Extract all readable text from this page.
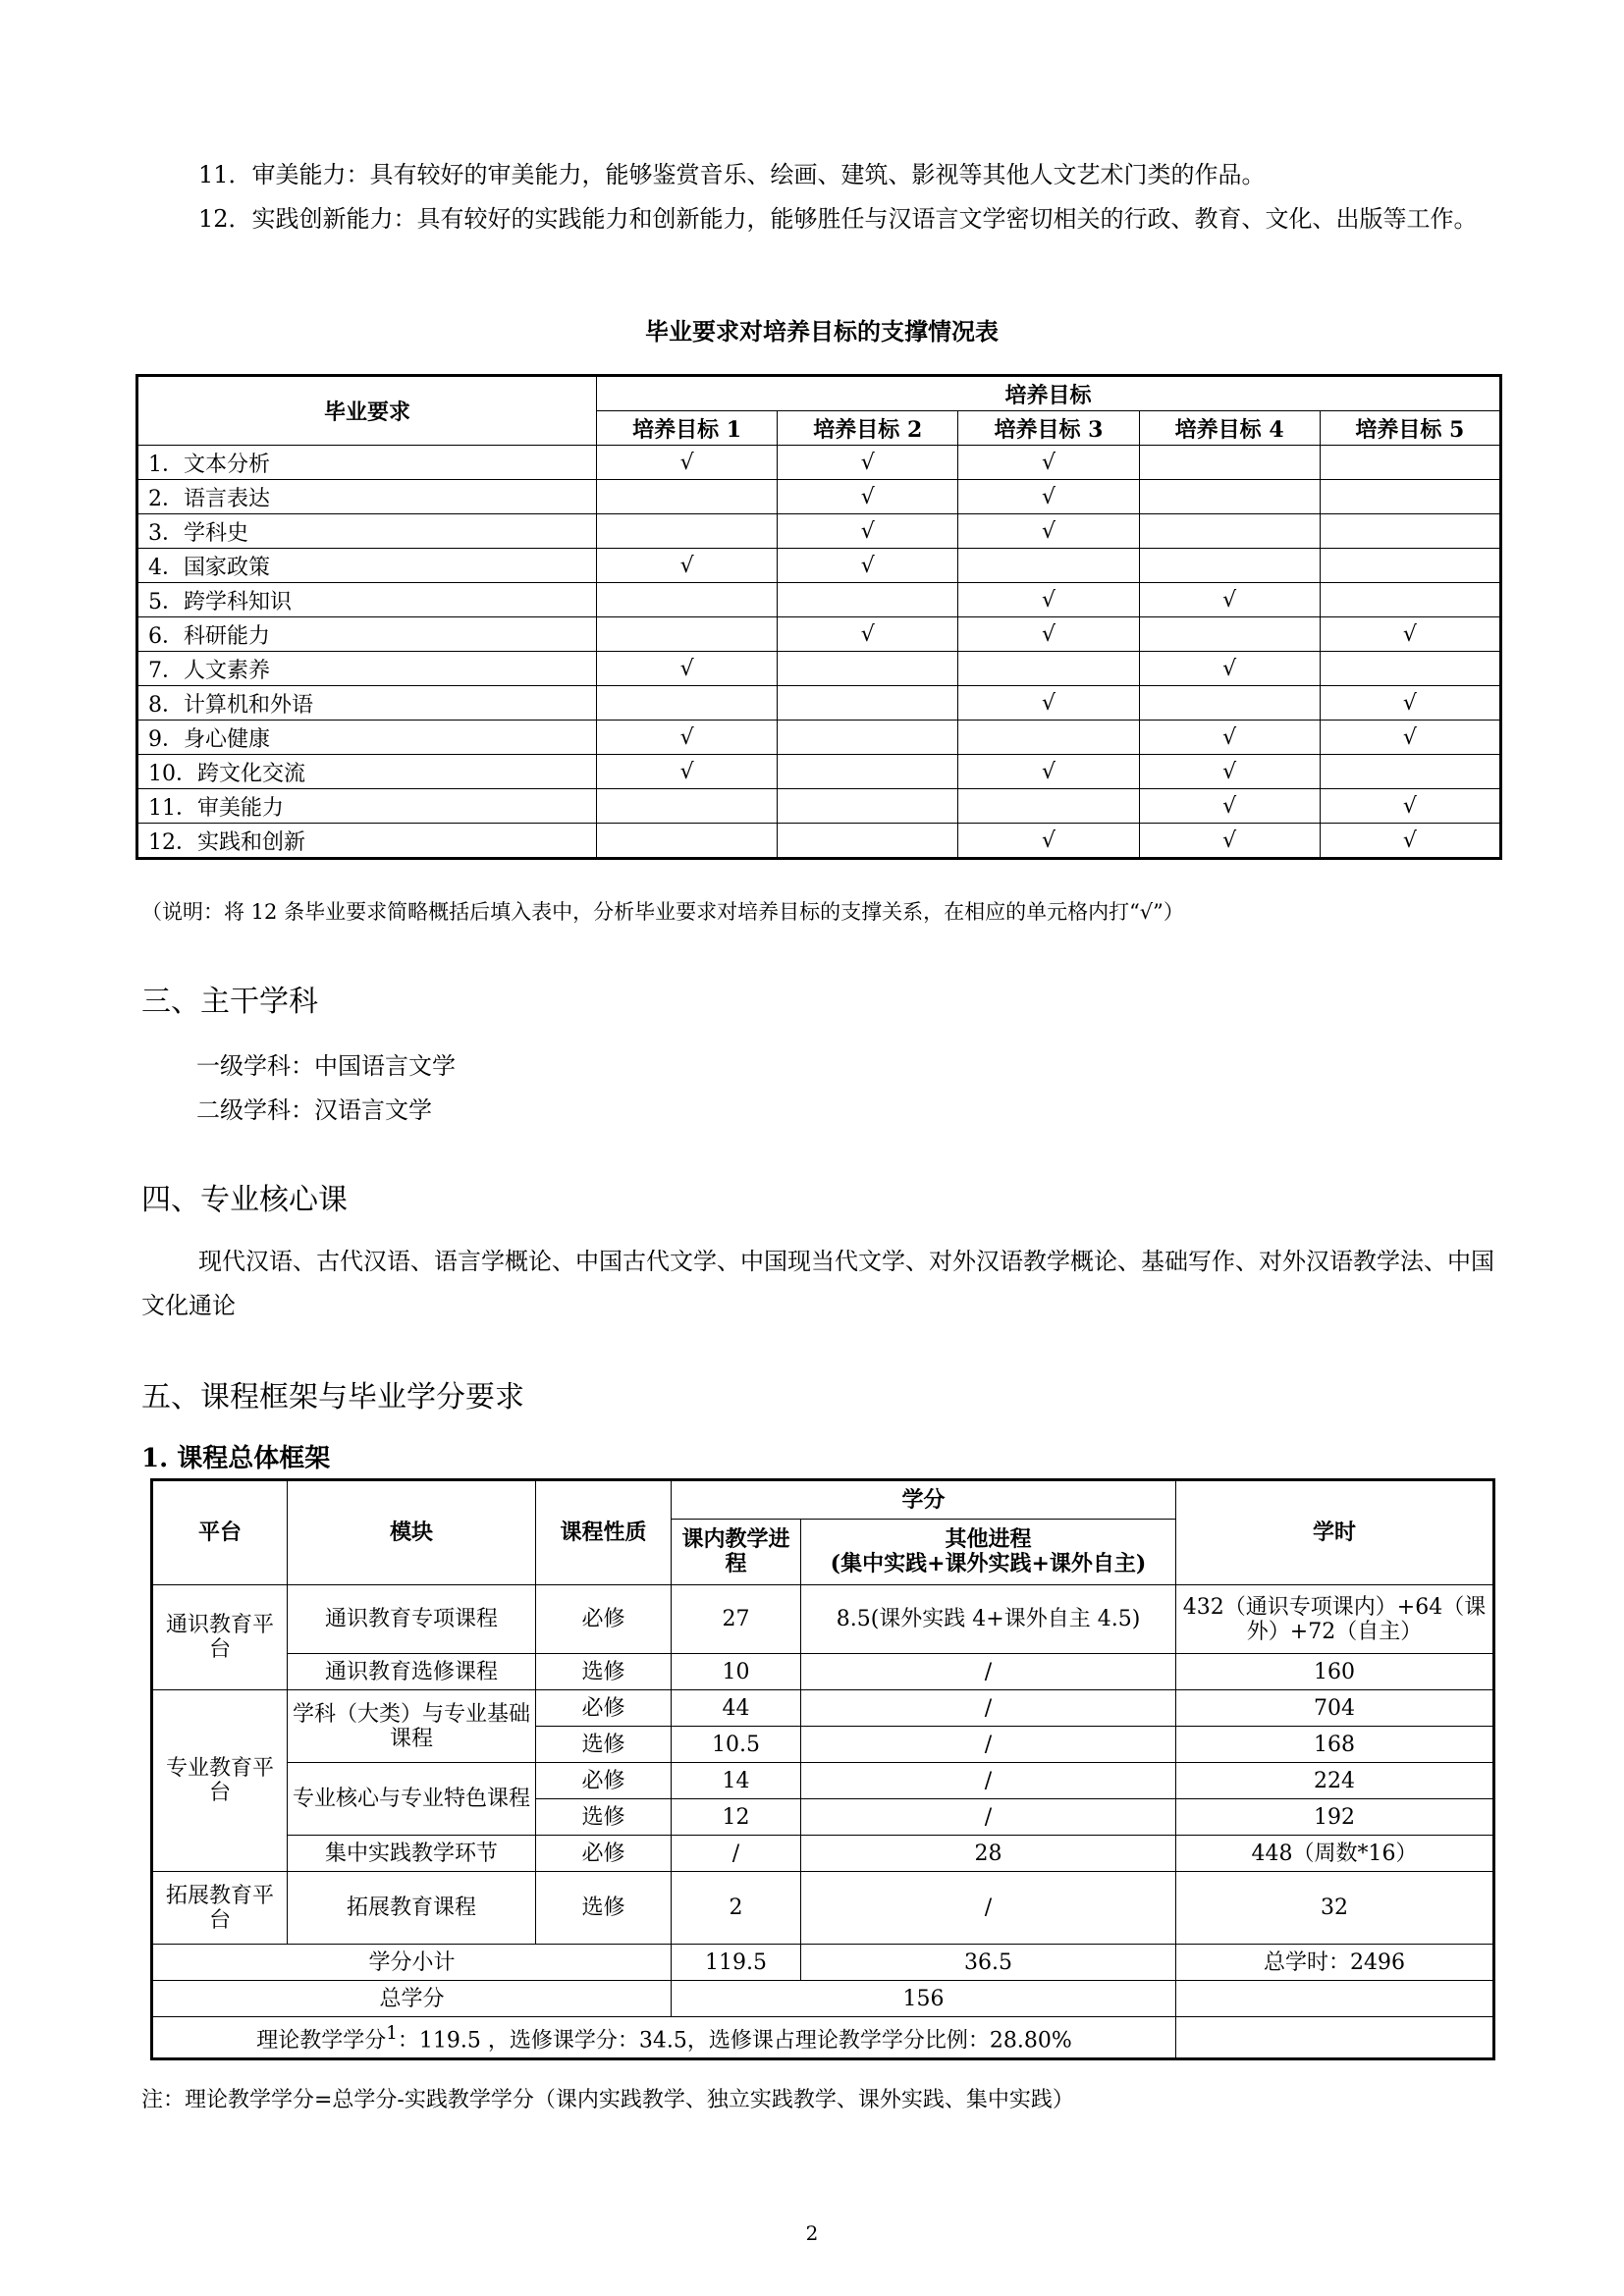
11．审美能力：具有较好的审美能力，能够鉴赏音乐、绘画、建筑、影视等其他人文艺术门类的作品。

12．实践创新能力：具有较好的实践能力和创新能力，能够胜任与汉语言文学密切相关的行政、教育、文化、出版等工作。

毕业要求对培养目标的支撑情况表

毕业要求	培养目标				
	培养目标 1	培养目标 2	培养目标 3	培养目标 4	培养目标 5
1．文本分析	√	√	√		
2．语言表达		√	√		
3．学科史		√	√		
4．国家政策	√	√			
5．跨学科知识			√	√	
6．科研能力		√	√		√
7．人文素养	√			√	
8．计算机和外语			√		√
9．身心健康	√			√	√
10．跨文化交流	√		√	√	
11．审美能力				√	√
12．实践和创新			√	√	√

（说明：将 12 条毕业要求简略概括后填入表中，分析毕业要求对培养目标的支撑关系，在相应的单元格内打“√”）

三、主干学科

一级学科：中国语言文学

二级学科：汉语言文学

四、专业核心课

现代汉语、古代汉语、语言学概论、中国古代文学、中国现当代文学、对外汉语教学概论、基础写作、对外汉语教学法、中国文化通论

五、课程框架与毕业学分要求

1. 课程总体框架

平台	模块	课程性质	学分		学时
			课内教学进程	其他进程
(集中实践+课外实践+课外自主)	

通识教育平台	通识教育专项课程	必修	27	8.5(课外实践 4+课外自主 4.5)	432（通识专项课内）+64（课外）+72（自主）
	通识教育选修课程	选修	10	/	160
专业教育平台	学科（大类）与专业基础课程	必修	44	/	704
		选修	10.5	/	168
	专业核心与专业特色课程	必修	14	/	224
		选修	12	/	192
	集中实践教学环节	必修	/	28	448（周数*16）
拓展教育平台	拓展教育课程	选修	2	/	32
学分小计			119.5	36.5	总学时：2496
总学分			156		
理论教学学分$^1$：119.5 ，选修课学分：34.5，选修课占理论教学学分比例：28.80%					

注：理论教学学分=总学分-实践教学学分（课内实践教学、独立实践教学、课外实践、集中实践）

2
